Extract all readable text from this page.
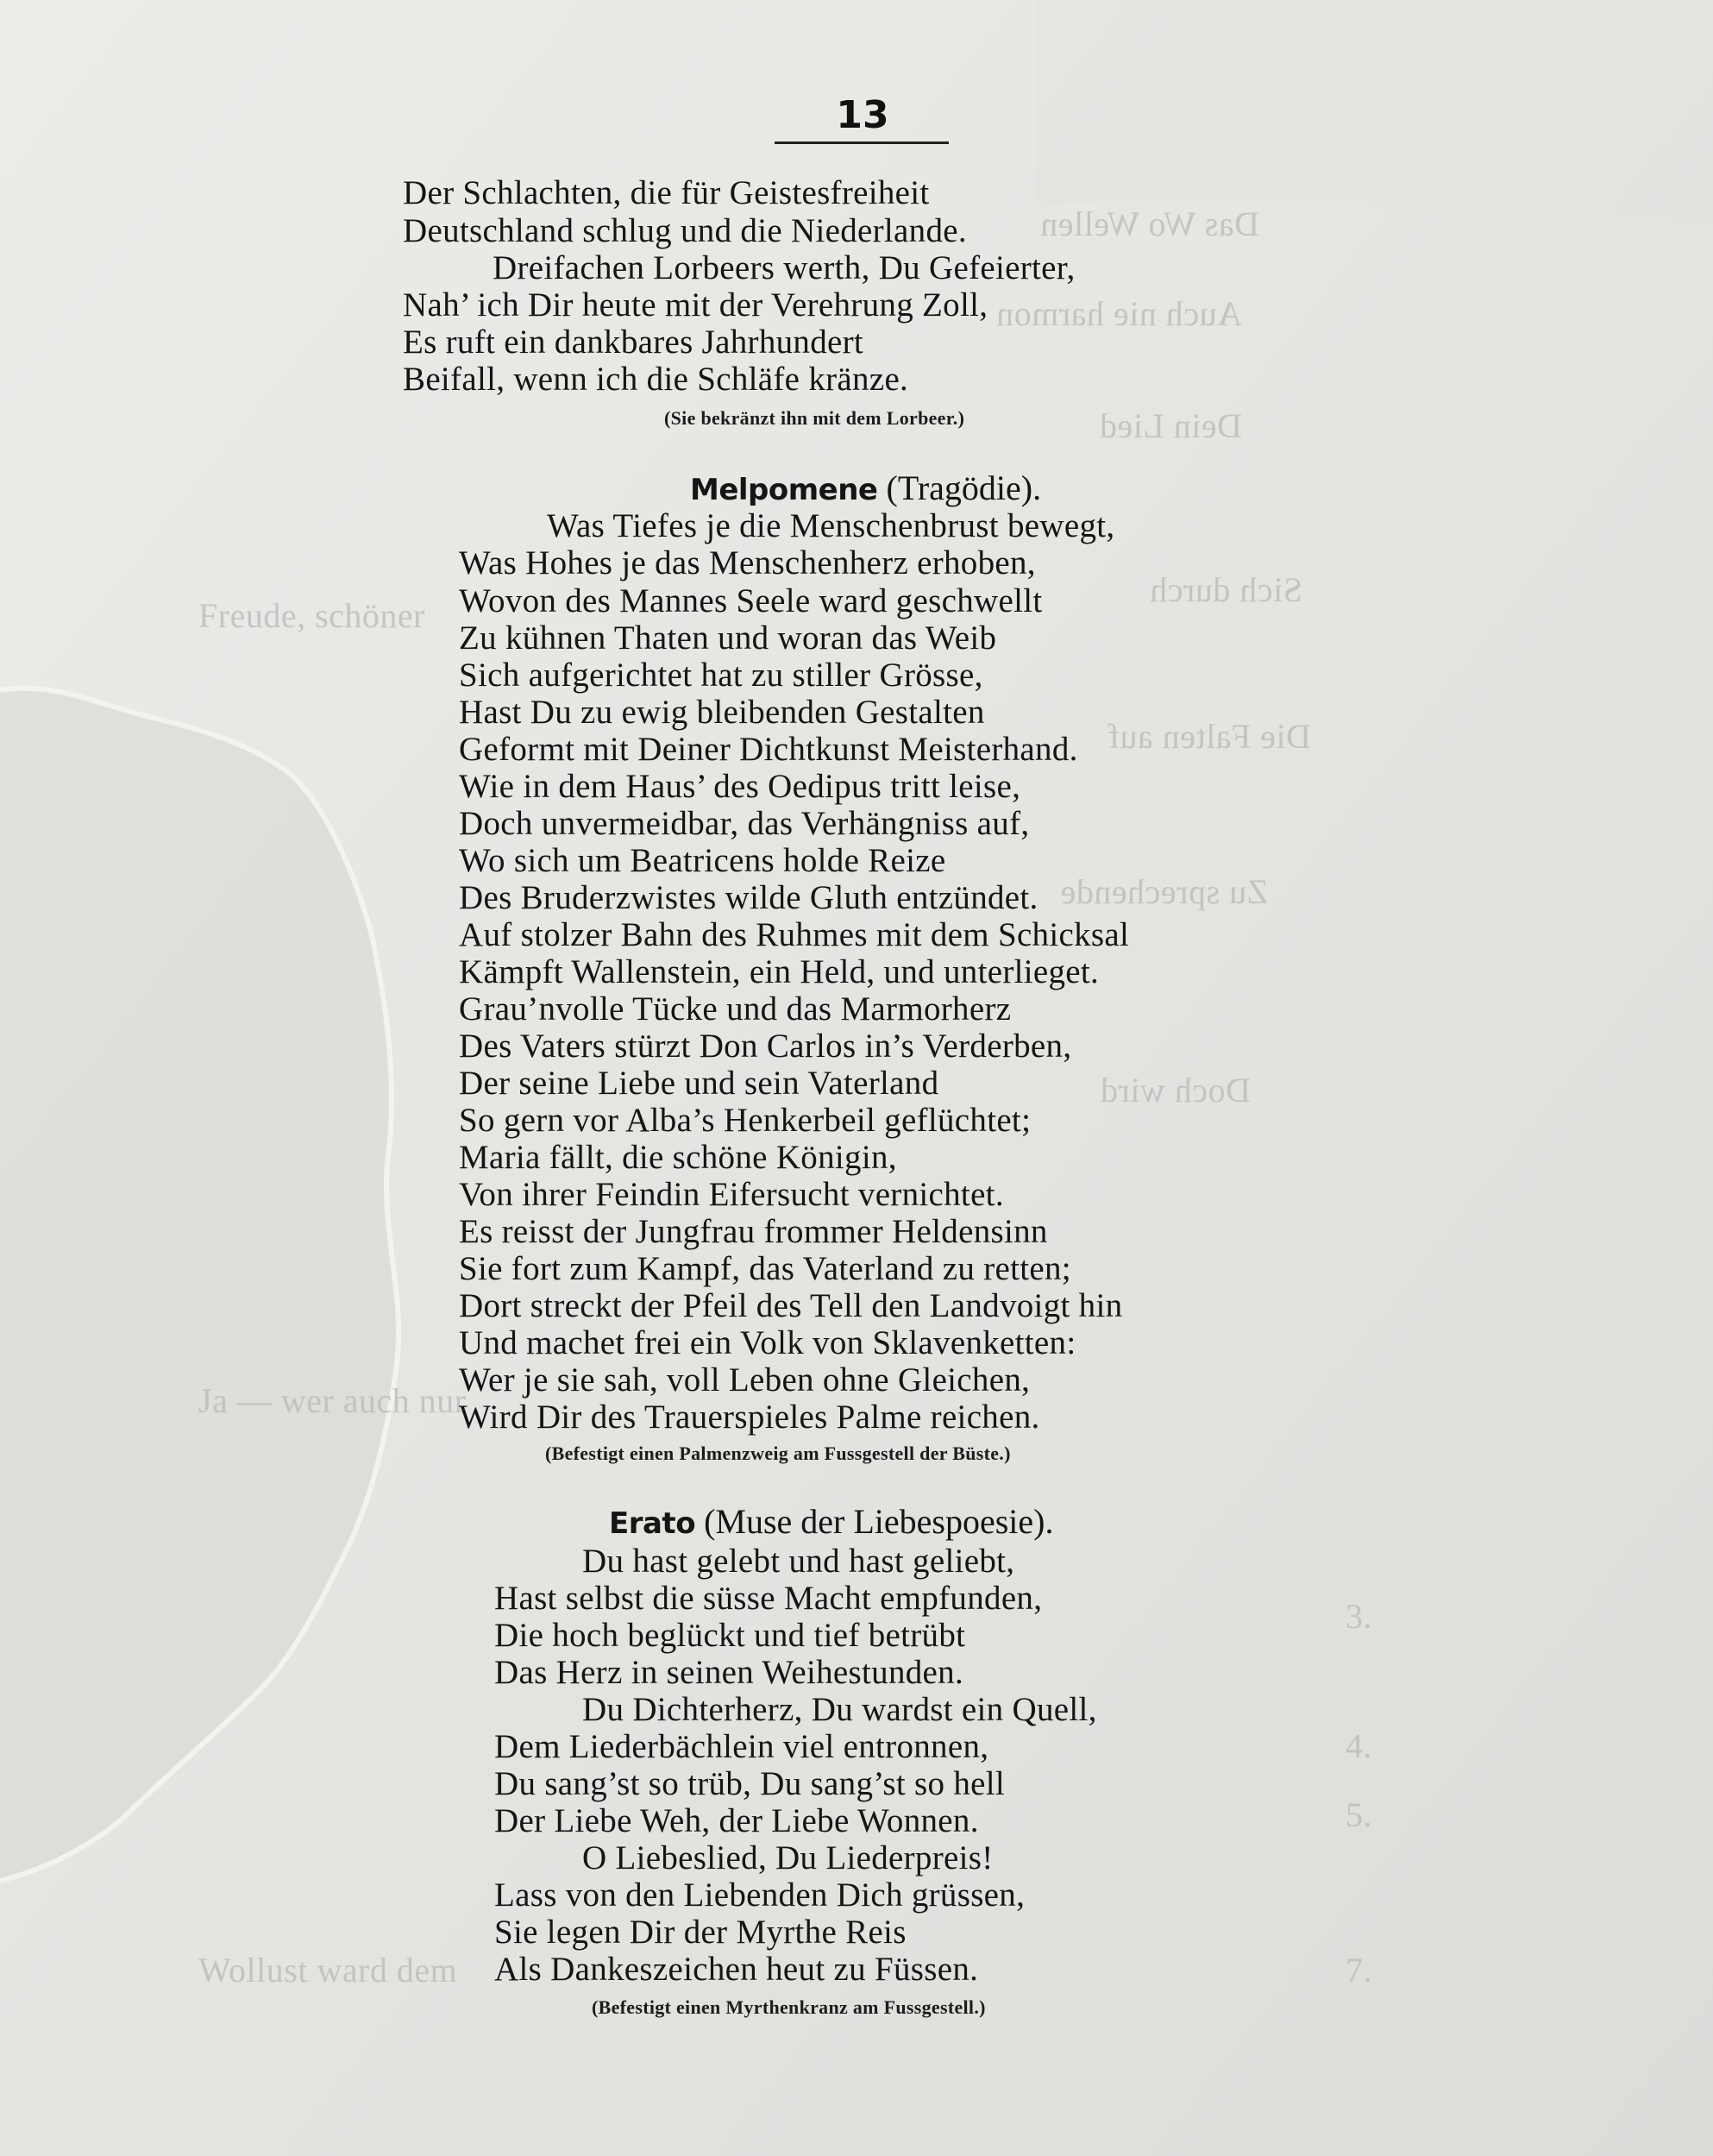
Das Wo Wellen
Auch nie harmon
Dein Lied
Sich durch
Die Falten auf
Zu sprechende
Doch wird
Freude, schöner
Ja — wer auch nur
Wollust ward dem
3.
4.
5.
7.
13
Der Schlachten, die für Geistesfreiheit
Deutschland schlug und die Niederlande.
Dreifachen Lorbeers werth, Du Gefeierter,
Nah’ ich Dir heute mit der Verehrung Zoll,
Es ruft ein dankbares Jahrhundert
Beifall, wenn ich die Schläfe kränze.
(Sie bekränzt ihn mit dem Lorbeer.)
Melpomene (Tragödie).
Was Tiefes je die Menschenbrust bewegt,
Was Hohes je das Menschenherz erhoben,
Wovon des Mannes Seele ward geschwellt
Zu kühnen Thaten und woran das Weib
Sich aufgerichtet hat zu stiller Grösse,
Hast Du zu ewig bleibenden Gestalten
Geformt mit Deiner Dichtkunst Meisterhand.
Wie in dem Haus’ des Oedipus tritt leise,
Doch unvermeidbar, das Verhängniss auf,
Wo sich um Beatricens holde Reize
Des Bruderzwistes wilde Gluth entzündet.
Auf stolzer Bahn des Ruhmes mit dem Schicksal
Kämpft Wallenstein, ein Held, und unterlieget.
Grau’nvolle Tücke und das Marmorherz
Des Vaters stürzt Don Carlos in’s Verderben,
Der seine Liebe und sein Vaterland
So gern vor Alba’s Henkerbeil geflüchtet;
Maria fällt, die schöne Königin,
Von ihrer Feindin Eifersucht vernichtet.
Es reisst der Jungfrau frommer Heldensinn
Sie fort zum Kampf, das Vaterland zu retten;
Dort streckt der Pfeil des Tell den Landvoigt hin
Und machet frei ein Volk von Sklavenketten:
Wer je sie sah, voll Leben ohne Gleichen,
Wird Dir des Trauerspieles Palme reichen.
(Befestigt einen Palmenzweig am Fussgestell der Büste.)
Erato (Muse der Liebespoesie).
Du hast gelebt und hast geliebt,
Hast selbst die süsse Macht empfunden,
Die hoch beglückt und tief betrübt
Das Herz in seinen Weihestunden.
Du Dichterherz, Du wardst ein Quell,
Dem Liederbächlein viel entronnen,
Du sang’st so trüb, Du sang’st so hell
Der Liebe Weh, der Liebe Wonnen.
O Liebeslied, Du Liederpreis!
Lass von den Liebenden Dich grüssen,
Sie legen Dir der Myrthe Reis
Als Dankeszeichen heut zu Füssen.
(Befestigt einen Myrthenkranz am Fussgestell.)
